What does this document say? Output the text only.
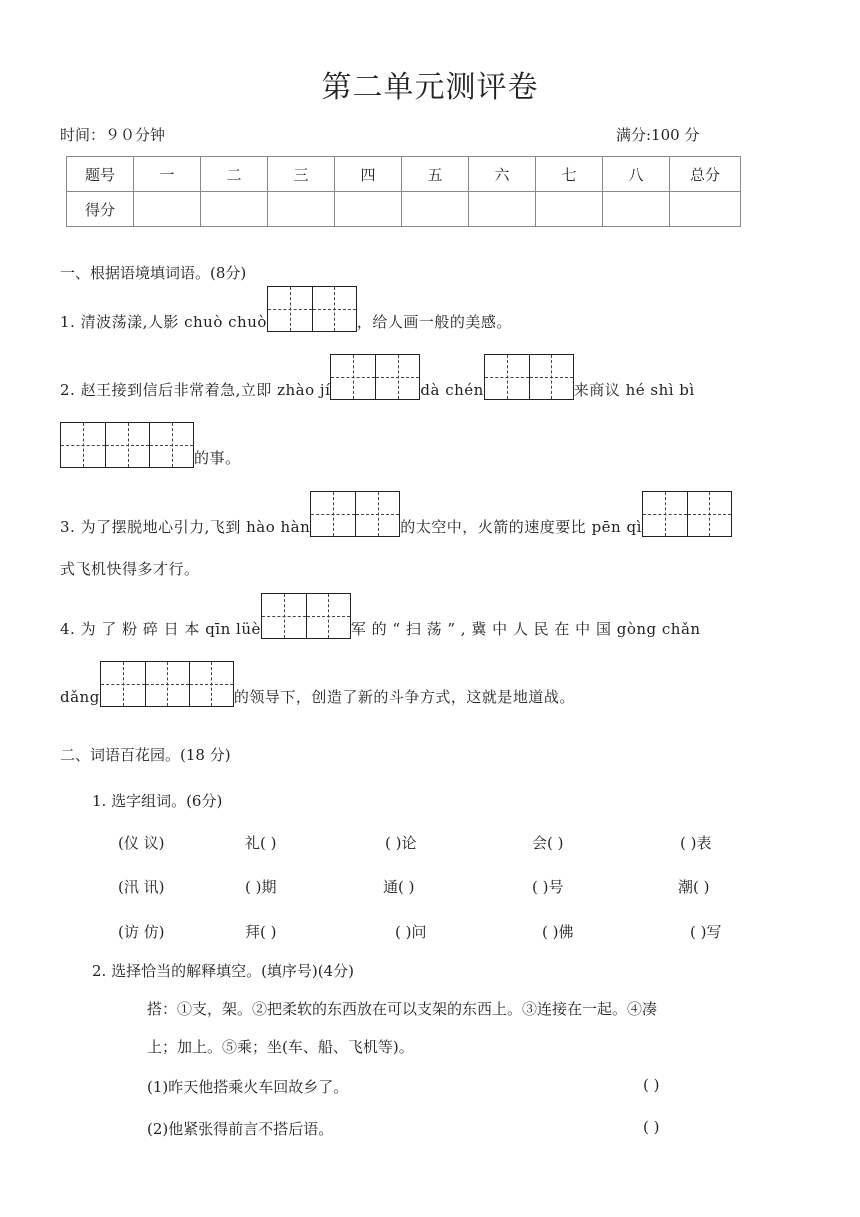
第二单元测评卷
时间：９０分钟	满分:100 分
题号	一	二	三	四	五	六	七	八	总分
得分									
一、根据语境填词语。(8分)
1. 清波荡漾,人影 chuò chuò	，给人画一般的美感。
2. 赵王接到信后非常着急,立即 zhào jí	dà chén	来商议 hé shì bì
的事。
3. 为了摆脱地心引力,飞到 hào hàn	的太空中，火箭的速度要比 pēn qì
式飞机快得多才行。
4. 为 了 粉 碎 日 本 qīn lüè	军 的 “ 扫 荡 ” , 冀 中 人 民 在 中 国 gòng chǎn
dǎng	的领导下，创造了新的斗争方式，这就是地道战。
二、词语百花园。(18 分)
1. 选字组词。(6分)
(仪 议)	礼( )	( )论	会( )	( )表
(汛 讯)	( )期	通( )	( )号	潮( )
(访 仿)	拜( )	( )问	( )佛	( )写
2. 选择恰当的解释填空。(填序号)(4分)
搭：①支，架。②把柔软的东西放在可以支架的东西上。③连接在一起。④凑
上；加上。⑤乘；坐(车、船、飞机等)。
(1)昨天他搭乘火车回故乡了。	( )
(2)他紧张得前言不搭后语。	( )
